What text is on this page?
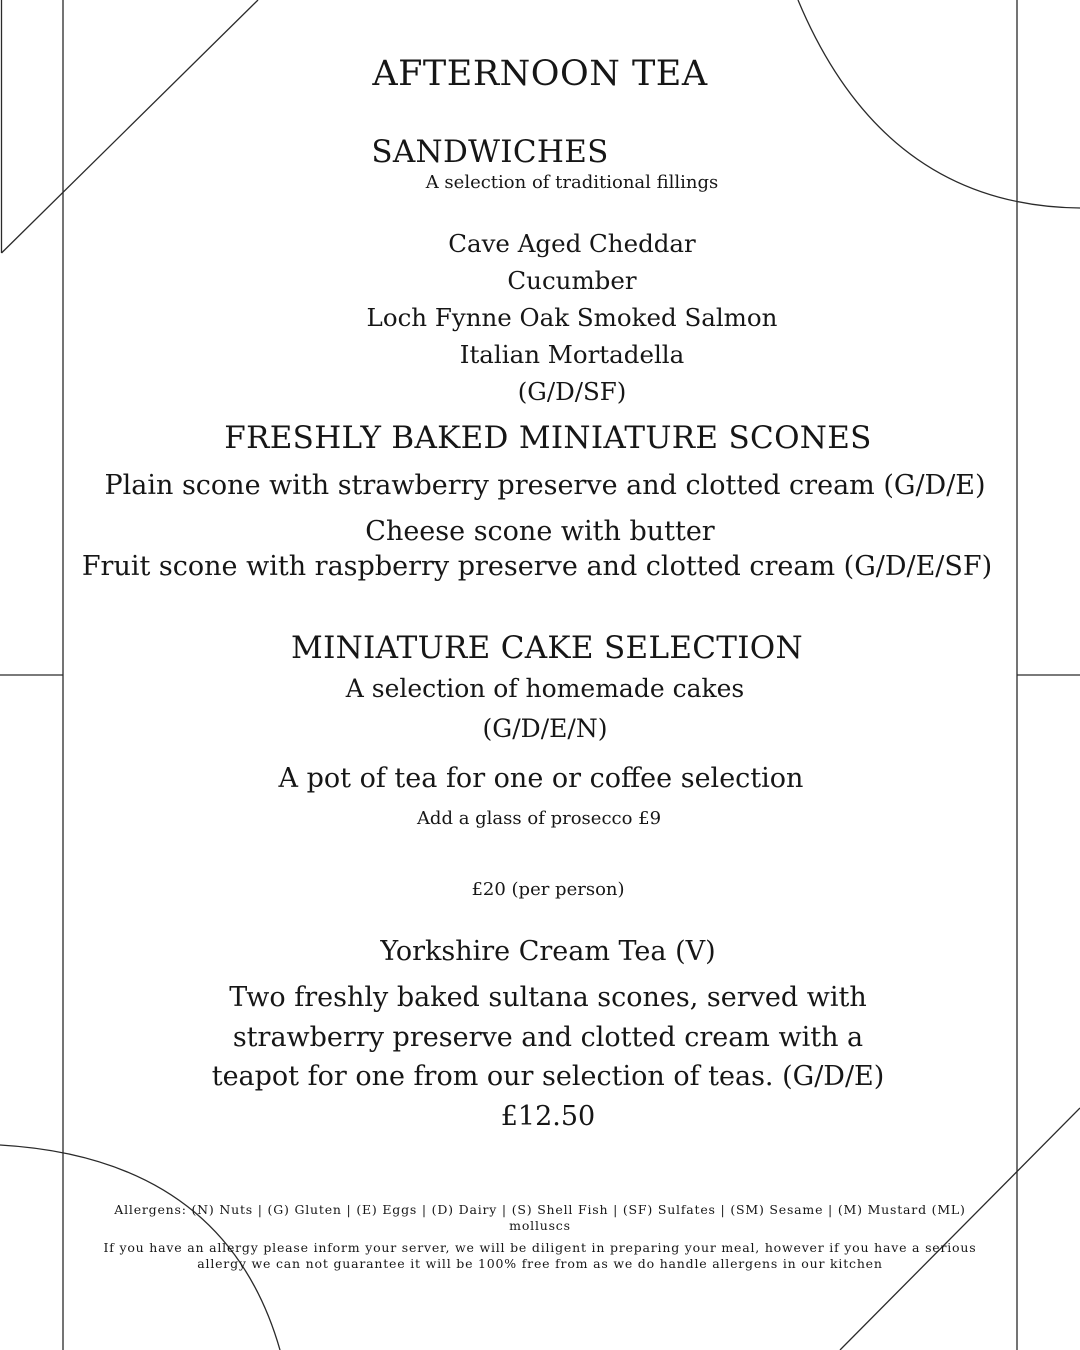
AFTERNOON TEA
SANDWICHES
A selection of traditional fillings
Cave Aged Cheddar
Cucumber
Loch Fynne Oak Smoked Salmon
Italian Mortadella
(G/D/SF)
FRESHLY BAKED MINIATURE SCONES
Plain scone with strawberry preserve and clotted cream (G/D/E)
Cheese scone with butter
Fruit scone with raspberry preserve and clotted cream (G/D/E/SF)
MINIATURE CAKE SELECTION
A selection of homemade cakes
(G/D/E/N)
A pot of tea for one or coffee selection
Add a glass of prosecco £9
£20 (per person)
Yorkshire Cream Tea (V)
Two freshly baked sultana scones, served with
strawberry preserve and clotted cream with a
teapot for one from our selection of teas. (G/D/E)
£12.50
Allergens: (N) Nuts | (G) Gluten | (E) Eggs | (D) Dairy | (S) Shell Fish | (SF) Sulfates | (SM) Sesame | (M) Mustard (ML) molluscs
If you have an allergy please inform your server, we will be diligent in preparing your meal, however if you have a serious allergy we can not guarantee it will be 100% free from as we do handle allergens in our kitchen
